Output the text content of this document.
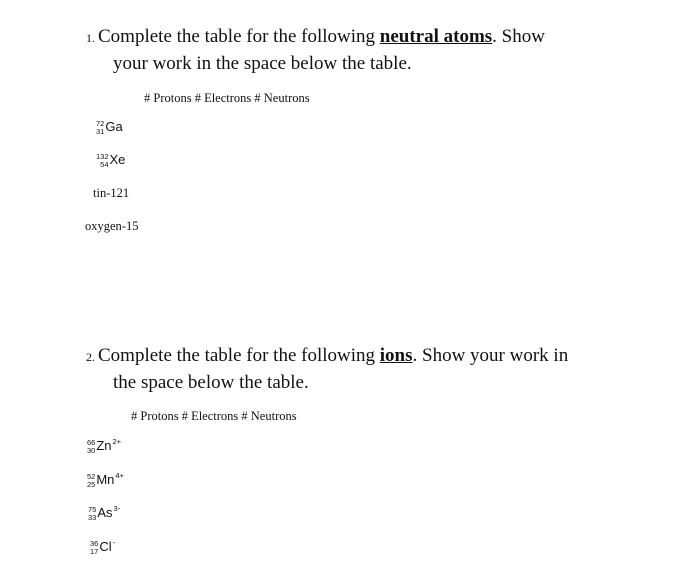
1. Complete the table for the following neutral atoms. Show
your work in the space below the table.
# Protons # Electrons # Neutrons
72
31 Ga
132
54 Xe
tin-121
oxygen-15
2. Complete the table for the following ions. Show your work in
the space below the table.
# Protons # Electrons # Neutrons
66
30 $Zn^{2+}$
52
25 $Mn^{4+}$
75
33 $As^{3-}$
36
17 Cl-
